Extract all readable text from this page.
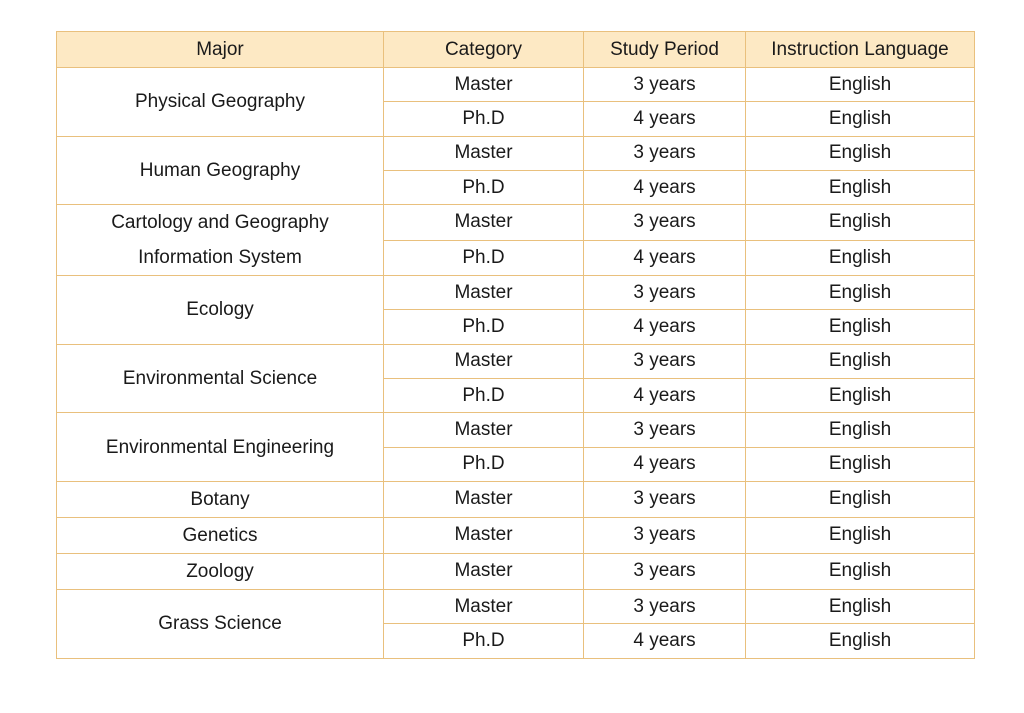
Major	Category	Study Period	Instruction Language
Physical Geography	Master	3 years	English
	Ph.D	4 years	English
Human Geography	Master	3 years	English
	Ph.D	4 years	English

Cartology and Geography
Information System	Master	3 years	English
	Ph.D	4 years	English
Ecology	Master	3 years	English
	Ph.D	4 years	English
Environmental Science	Master	3 years	English
	Ph.D	4 years	English
Environmental Engineering	Master	3 years	English
	Ph.D	4 years	English
Botany	Master	3 years	English
Genetics	Master	3 years	English
Zoology	Master	3 years	English
Grass Science	Master	3 years	English
	Ph.D	4 years	English
